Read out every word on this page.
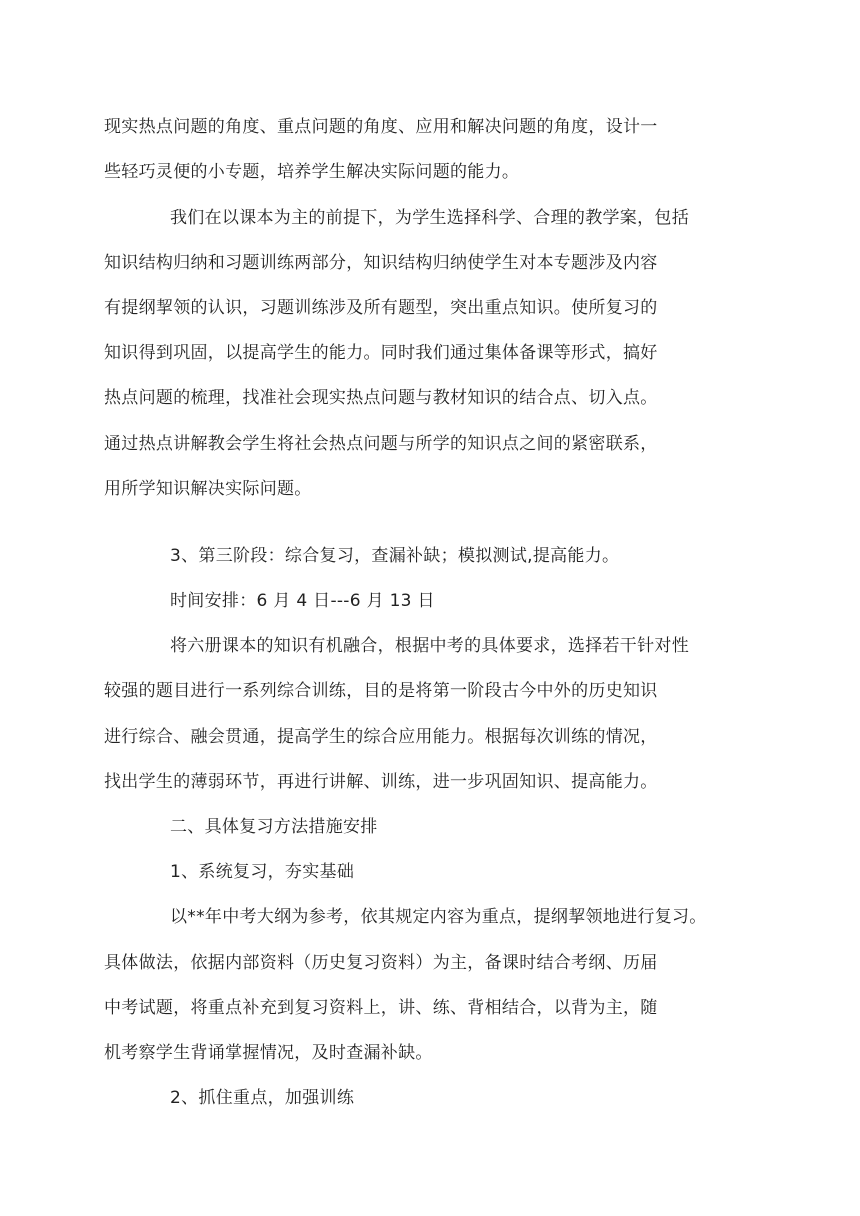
现实热点问题的角度、重点问题的角度、应用和解决问题的角度，设计一
些轻巧灵便的小专题，培养学生解决实际问题的能力。
我们在以课本为主的前提下，为学生选择科学、合理的教学案，包括
知识结构归纳和习题训练两部分，知识结构归纳使学生对本专题涉及内容
有提纲挈领的认识，习题训练涉及所有题型，突出重点知识。使所复习的
知识得到巩固，以提高学生的能力。同时我们通过集体备课等形式，搞好
热点问题的梳理，找准社会现实热点问题与教材知识的结合点、切入点。
通过热点讲解教会学生将社会热点问题与所学的知识点之间的紧密联系，
用所学知识解决实际问题。
3、第三阶段：综合复习，查漏补缺；模拟测试,提高能力。
时间安排：6 月 4 日---6 月 13 日
将六册课本的知识有机融合，根据中考的具体要求，选择若干针对性
较强的题目进行一系列综合训练，目的是将第一阶段古今中外的历史知识
进行综合、融会贯通，提高学生的综合应用能力。根据每次训练的情况，
找出学生的薄弱环节，再进行讲解、训练，进一步巩固知识、提高能力。
二、具体复习方法措施安排
1、系统复习，夯实基础
以**年中考大纲为参考，依其规定内容为重点，提纲挈领地进行复习。
具体做法，依据内部资料（历史复习资料）为主，备课时结合考纲、历届
中考试题，将重点补充到复习资料上，讲、练、背相结合，以背为主，随
机考察学生背诵掌握情况，及时查漏补缺。
2、抓住重点，加强训练
